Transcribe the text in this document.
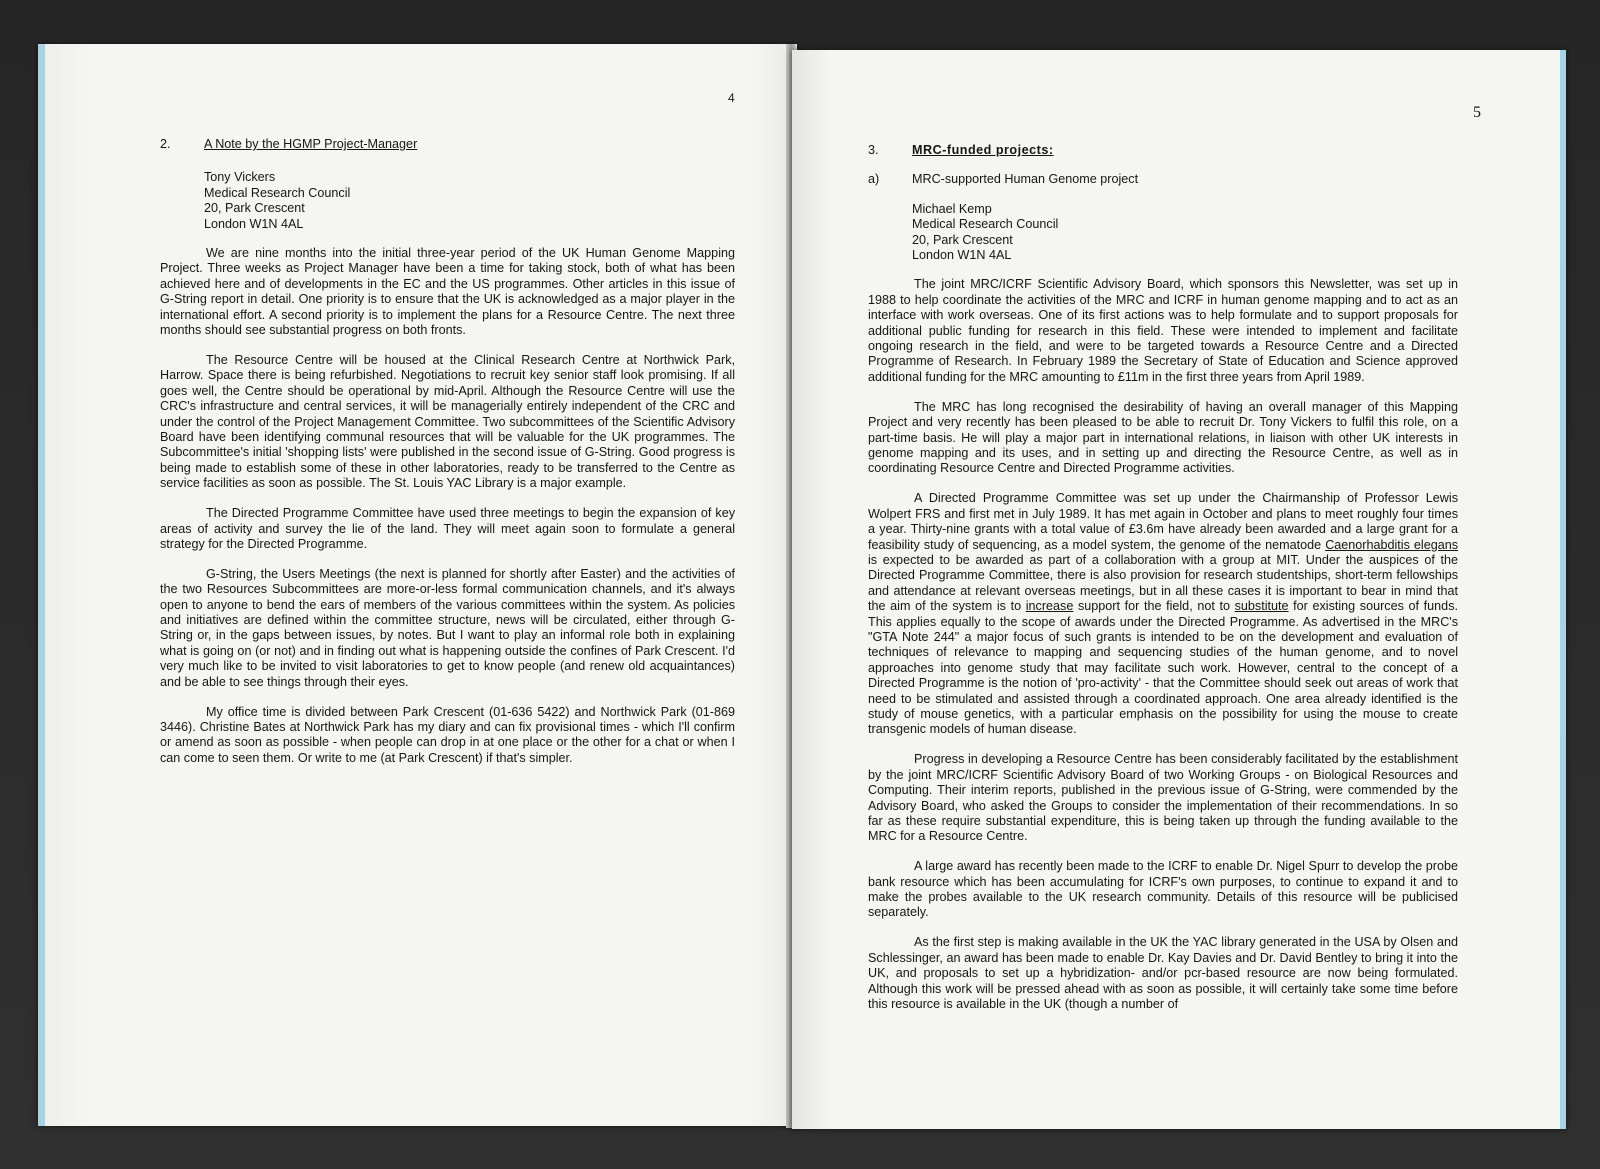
4
2.	A Note by the HGMP Project-Manager
Tony Vickers
Medical Research Council
20, Park Crescent
London W1N 4AL

We are nine months into the initial three-year period of the UK Human Genome Mapping Project. Three weeks as Project Manager have been a time for taking stock, both of what has been achieved here and of developments in the EC and the US programmes. Other articles in this issue of G-String report in detail. One priority is to ensure that the UK is acknowledged as a major player in the international effort. A second priority is to implement the plans for a Resource Centre. The next three months should see substantial progress on both fronts.

The Resource Centre will be housed at the Clinical Research Centre at Northwick Park, Harrow. Space there is being refurbished. Negotiations to recruit key senior staff look promising. If all goes well, the Centre should be operational by mid-April. Although the Resource Centre will use the CRC's infrastructure and central services, it will be managerially entirely independent of the CRC and under the control of the Project Management Committee. Two subcommittees of the Scientific Advisory Board have been identifying communal resources that will be valuable for the UK programmes. The Subcommittee's initial 'shopping lists' were published in the second issue of G-String. Good progress is being made to establish some of these in other laboratories, ready to be transferred to the Centre as service facilities as soon as possible. The St. Louis YAC Library is a major example.

The Directed Programme Committee have used three meetings to begin the expansion of key areas of activity and survey the lie of the land. They will meet again soon to formulate a general strategy for the Directed Programme.

G-String, the Users Meetings (the next is planned for shortly after Easter) and the activities of the two Resources Subcommittees are more-or-less formal communication channels, and it's always open to anyone to bend the ears of members of the various committees within the system. As policies and initiatives are defined within the committee structure, news will be circulated, either through G-String or, in the gaps between issues, by notes. But I want to play an informal role both in explaining what is going on (or not) and in finding out what is happening outside the confines of Park Crescent. I'd very much like to be invited to visit laboratories to get to know people (and renew old acquaintances) and be able to see things through their eyes.

My office time is divided between Park Crescent (01-636 5422) and Northwick Park (01-869 3446). Christine Bates at Northwick Park has my diary and can fix provisional times - which I'll confirm or amend as soon as possible - when people can drop in at one place or the other for a chat or when I can come to seen them. Or write to me (at Park Crescent) if that's simpler.

5
3.	MRC-funded projects:
a)	MRC-supported Human Genome project
Michael Kemp
Medical Research Council
20, Park Crescent
London W1N 4AL

The joint MRC/ICRF Scientific Advisory Board, which sponsors this Newsletter, was set up in 1988 to help coordinate the activities of the MRC and ICRF in human genome mapping and to act as an interface with work overseas. One of its first actions was to help formulate and to support proposals for additional public funding for research in this field. These were intended to implement and facilitate ongoing research in the field, and were to be targeted towards a Resource Centre and a Directed Programme of Research. In February 1989 the Secretary of State of Education and Science approved additional funding for the MRC amounting to £11m in the first three years from April 1989.

The MRC has long recognised the desirability of having an overall manager of this Mapping Project and very recently has been pleased to be able to recruit Dr. Tony Vickers to fulfil this role, on a part-time basis. He will play a major part in international relations, in liaison with other UK interests in genome mapping and its uses, and in setting up and directing the Resource Centre, as well as in coordinating Resource Centre and Directed Programme activities.

A Directed Programme Committee was set up under the Chairmanship of Professor Lewis Wolpert FRS and first met in July 1989. It has met again in October and plans to meet roughly four times a year. Thirty-nine grants with a total value of £3.6m have already been awarded and a large grant for a feasibility study of sequencing, as a model system, the genome of the nematode Caenorhabditis elegans is expected to be awarded as part of a collaboration with a group at MIT. Under the auspices of the Directed Programme Committee, there is also provision for research studentships, short-term fellowships and attendance at relevant overseas meetings, but in all these cases it is important to bear in mind that the aim of the system is to increase support for the field, not to substitute for existing sources of funds. This applies equally to the scope of awards under the Directed Programme. As advertised in the MRC's "GTA Note 244" a major focus of such grants is intended to be on the development and evaluation of techniques of relevance to mapping and sequencing studies of the human genome, and to novel approaches into genome study that may facilitate such work. However, central to the concept of a Directed Programme is the notion of 'pro-activity' - that the Committee should seek out areas of work that need to be stimulated and assisted through a coordinated approach. One area already identified is the study of mouse genetics, with a particular emphasis on the possibility for using the mouse to create transgenic models of human disease.

Progress in developing a Resource Centre has been considerably facilitated by the establishment by the joint MRC/ICRF Scientific Advisory Board of two Working Groups - on Biological Resources and Computing. Their interim reports, published in the previous issue of G-String, were commended by the Advisory Board, who asked the Groups to consider the implementation of their recommendations. In so far as these require substantial expenditure, this is being taken up through the funding available to the MRC for a Resource Centre.

A large award has recently been made to the ICRF to enable Dr. Nigel Spurr to develop the probe bank resource which has been accumulating for ICRF's own purposes, to continue to expand it and to make the probes available to the UK research community. Details of this resource will be publicised separately.

As the first step is making available in the UK the YAC library generated in the USA by Olsen and Schlessinger, an award has been made to enable Dr. Kay Davies and Dr. David Bentley to bring it into the UK, and proposals to set up a hybridization- and/or pcr-based resource are now being formulated. Although this work will be pressed ahead with as soon as possible, it will certainly take some time before this resource is available in the UK (though a number of
